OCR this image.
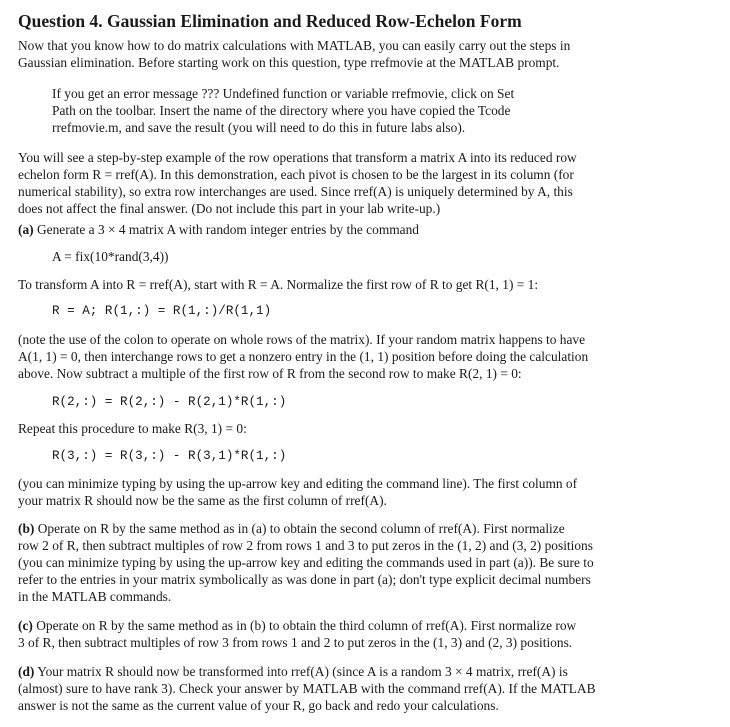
Question 4. Gaussian Elimination and Reduced Row-Echelon Form
Now that you know how to do matrix calculations with MATLAB, you can easily carry out the steps in
Gaussian elimination. Before starting work on this question, type rrefmovie at the MATLAB prompt.
If you get an error message ??? Undefined function or variable rrefmovie, click on Set
Path on the toolbar. Insert the name of the directory where you have copied the Tcode
rrefmovie.m, and save the result (you will need to do this in future labs also).
You will see a step-by-step example of the row operations that transform a matrix A into its reduced row
echelon form R = rref(A). In this demonstration, each pivot is chosen to be the largest in its column (for
numerical stability), so extra row interchanges are used. Since rref(A) is uniquely determined by A, this
does not affect the final answer. (Do not include this part in your lab write-up.)
(a) Generate a 3 × 4 matrix A with random integer entries by the command
A = fix(10*rand(3,4))
To transform A into R = rref(A), start with R = A. Normalize the first row of R to get R(1, 1) = 1:
R = A; R(1,:) = R(1,:)/R(1,1)
(note the use of the colon to operate on whole rows of the matrix). If your random matrix happens to have
A(1, 1) = 0, then interchange rows to get a nonzero entry in the (1, 1) position before doing the calculation
above. Now subtract a multiple of the first row of R from the second row to make R(2, 1) = 0:
R(2,:) = R(2,:) - R(2,1)*R(1,:)
Repeat this procedure to make R(3, 1) = 0:
R(3,:) = R(3,:) - R(3,1)*R(1,:)
(you can minimize typing by using the up-arrow key and editing the command line). The first column of
your matrix R should now be the same as the first column of rref(A).
(b) Operate on R by the same method as in (a) to obtain the second column of rref(A). First normalize
row 2 of R, then subtract multiples of row 2 from rows 1 and 3 to put zeros in the (1, 2) and (3, 2) positions
(you can minimize typing by using the up-arrow key and editing the commands used in part (a)). Be sure to
refer to the entries in your matrix symbolically as was done in part (a); don't type explicit decimal numbers
in the MATLAB commands.
(c) Operate on R by the same method as in (b) to obtain the third column of rref(A). First normalize row
3 of R, then subtract multiples of row 3 from rows 1 and 2 to put zeros in the (1, 3) and (2, 3) positions.
(d) Your matrix R should now be transformed into rref(A) (since A is a random 3 × 4 matrix, rref(A) is
(almost) sure to have rank 3). Check your answer by MATLAB with the command rref(A). If the MATLAB
answer is not the same as the current value of your R, go back and redo your calculations.
